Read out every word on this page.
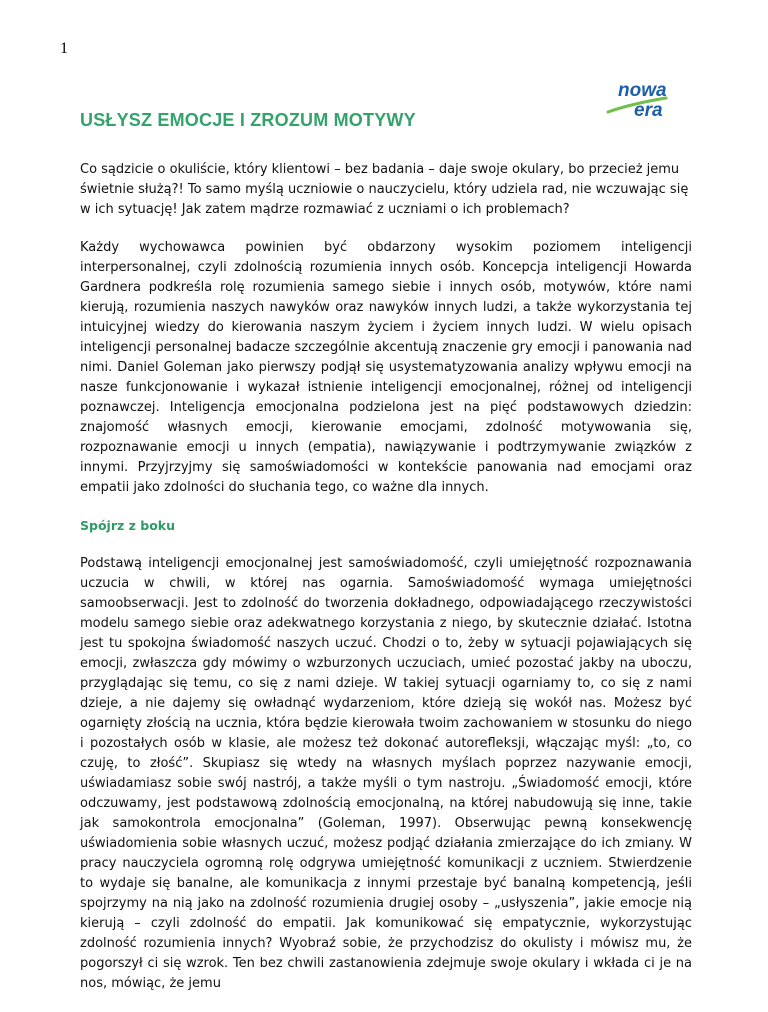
1
nowa
era
USŁYSZ EMOCJE I ZROZUM MOTYWY

Co sądzicie o okuliście, który klientowi – bez badania – daje swoje okulary, bo przecież jemu świetnie służą?! To samo myślą uczniowie o nauczycielu, który udziela rad, nie wczuwając się w ich sytuację! Jak zatem mądrze rozmawiać z uczniami o ich problemach?

Każdy wychowawca powinien być obdarzony wysokim poziomem inteligencji interpersonalnej, czyli zdolnością rozumienia innych osób. Koncepcja inteligencji Howarda Gardnera podkreśla rolę rozumienia samego siebie i innych osób, motywów, które nami kierują, rozumienia naszych nawyków oraz nawyków innych ludzi, a także wykorzystania tej intuicyjnej wiedzy do kierowania naszym życiem i życiem innych ludzi. W wielu opisach inteligencji personalnej badacze szczególnie akcentują znaczenie gry emocji i panowania nad nimi. Daniel Goleman jako pierwszy podjął się usystematyzowania analizy wpływu emocji na nasze funkcjonowanie i wykazał istnienie inteligencji emocjonalnej, różnej od inteligencji poznawczej. Inteligencja emocjonalna podzielona jest na pięć podstawowych dziedzin: znajomość własnych emocji, kierowanie emocjami, zdolność motywowania się, rozpoznawanie emocji u innych (empatia), nawiązywanie i podtrzymywanie związków z innymi. Przyjrzyjmy się samoświadomości w kontekście panowania nad emocjami oraz empatii jako zdolności do słuchania tego, co ważne dla innych.

Spójrz z boku

Podstawą inteligencji emocjonalnej jest samoświadomość, czyli umiejętność rozpoznawania uczucia w chwili, w której nas ogarnia. Samoświadomość wymaga umiejętności samoobserwacji. Jest to zdolność do tworzenia dokładnego, odpowiadającego rzeczywistości modelu samego siebie oraz adekwatnego korzystania z niego, by skutecznie działać. Istotna jest tu spokojna świadomość naszych uczuć. Chodzi o to, żeby w sytuacji pojawiających się emocji, zwłaszcza gdy mówimy o wzburzonych uczuciach, umieć pozostać jakby na uboczu, przyglądając się temu, co się z nami dzieje. W takiej sytuacji ogarniamy to, co się z nami dzieje, a nie dajemy się owładnąć wydarzeniom, które dzieją się wokół nas. Możesz być ogarnięty złością na ucznia, która będzie kierowała twoim zachowaniem w stosunku do niego i pozostałych osób w klasie, ale możesz też dokonać autorefleksji, włączając myśl: „to, co czuję, to złość”. Skupiasz się wtedy na własnych myślach poprzez nazywanie emocji, uświadamiasz sobie swój nastrój, a także myśli o tym nastroju. „Świadomość emocji, które odczuwamy, jest podstawową zdolnością emocjonalną, na której nabudowują się inne, takie jak samokontrola emocjonalna” (Goleman, 1997). Obserwując pewną konsekwencję uświadomienia sobie własnych uczuć, możesz podjąć działania zmierzające do ich zmiany. W pracy nauczyciela ogromną rolę odgrywa umiejętność komunikacji z uczniem. Stwierdzenie to wydaje się banalne, ale komunikacja z innymi przestaje być banalną kompetencją, jeśli spojrzymy na nią jako na zdolność rozumienia drugiej osoby – „usłyszenia”, jakie emocje nią kierują – czyli zdolność do empatii. Jak komunikować się empatycznie, wykorzystując zdolność rozumienia innych? Wyobraź sobie, że przychodzisz do okulisty i mówisz mu, że pogorszył ci się wzrok. Ten bez chwili zastanowienia zdejmuje swoje okulary i wkłada ci je na nos, mówiąc, że jemu
